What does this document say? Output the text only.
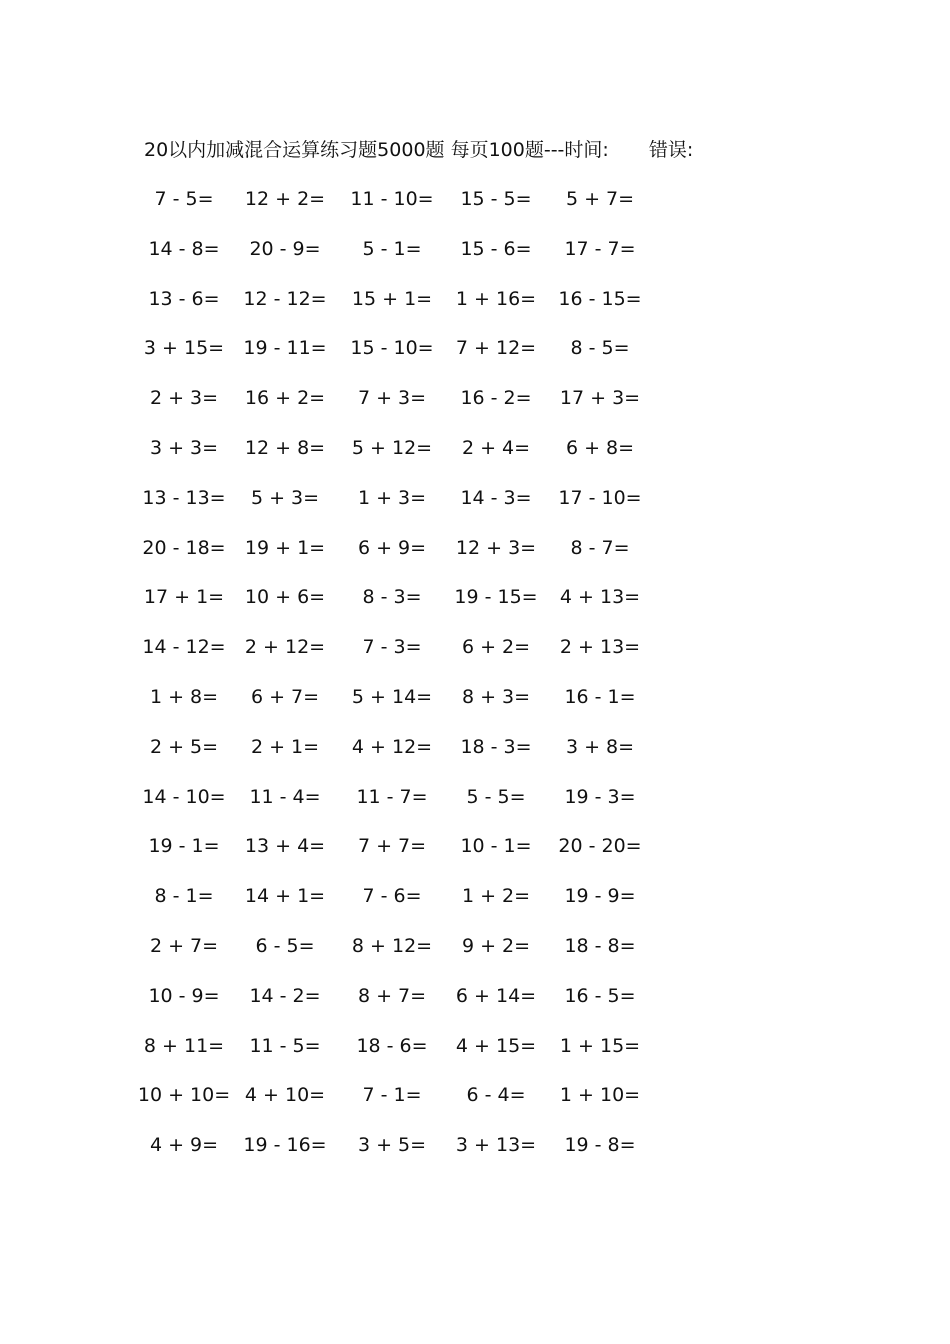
20以内加减混合运算练习题5000题 每页100题---时间: 错误:
7 - 5=	12 + 2=	11 - 10=	15 - 5=	5 + 7=
14 - 8=	20 - 9=	5 - 1=	15 - 6=	17 - 7=
13 - 6=	12 - 12=	15 + 1=	1 + 16=	16 - 15=
3 + 15=	19 - 11=	15 - 10=	7 + 12=	8 - 5=
2 + 3=	16 + 2=	7 + 3=	16 - 2=	17 + 3=
3 + 3=	12 + 8=	5 + 12=	2 + 4=	6 + 8=
13 - 13=	5 + 3=	1 + 3=	14 - 3=	17 - 10=
20 - 18=	19 + 1=	6 + 9=	12 + 3=	8 - 7=
17 + 1=	10 + 6=	8 - 3=	19 - 15=	4 + 13=
14 - 12=	2 + 12=	7 - 3=	6 + 2=	2 + 13=
1 + 8=	6 + 7=	5 + 14=	8 + 3=	16 - 1=
2 + 5=	2 + 1=	4 + 12=	18 - 3=	3 + 8=
14 - 10=	11 - 4=	11 - 7=	5 - 5=	19 - 3=
19 - 1=	13 + 4=	7 + 7=	10 - 1=	20 - 20=
8 - 1=	14 + 1=	7 - 6=	1 + 2=	19 - 9=
2 + 7=	6 - 5=	8 + 12=	9 + 2=	18 - 8=
10 - 9=	14 - 2=	8 + 7=	6 + 14=	16 - 5=
8 + 11=	11 - 5=	18 - 6=	4 + 15=	1 + 15=
10 + 10= 4 + 10=	7 - 1=	6 - 4=	1 + 10=
4 + 9=	19 - 16=	3 + 5=	3 + 13=	19 - 8=
